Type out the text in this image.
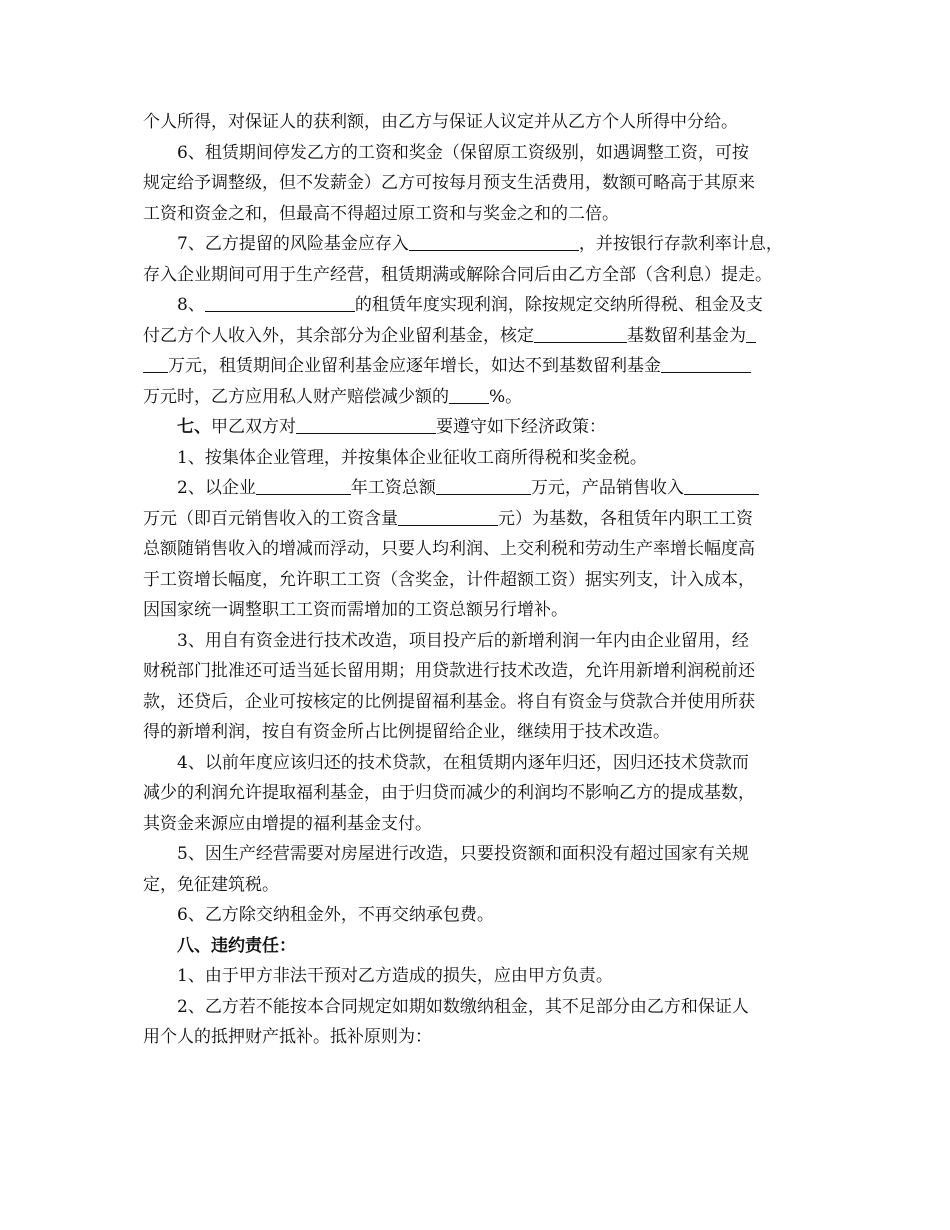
个人所得，对保证人的获利额，由乙方与保证人议定并从乙方个人所得中分给。
6、租赁期间停发乙方的工资和奖金（保留原工资级别，如遇调整工资，可按
规定给予调整级，但不发薪金）乙方可按每月预支生活费用，数额可略高于其原来
工资和资金之和，但最高不得超过原工资和与奖金之和的二倍。
7、乙方提留的风险基金应存入	，并按银行存款利率计息，
存入企业期间可用于生产经营，租赁期满或解除合同后由乙方全部（含利息）提走。
8、	的租赁年度实现利润，除按规定交纳所得税、租金及支
付乙方个人收入外，其余部分为企业留利基金，核定	基数留利基金为
万元，租赁期间企业留利基金应逐年增长，如达不到基数留利基金
万元时，乙方应用私人财产赔偿减少额的 %。
七、甲乙双方对	要遵守如下经济政策：
1、按集体企业管理，并按集体企业征收工商所得税和奖金税。
2、以企业	年工资总额	万元，产品销售收入
万元（即百元销售收入的工资含量	元）为基数，各租赁年内职工工资
总额随销售收入的增减而浮动，只要人均利润、上交利税和劳动生产率增长幅度高
于工资增长幅度，允许职工工资（含奖金，计件超额工资）据实列支，计入成本，
因国家统一调整职工工资而需增加的工资总额另行增补。
3、用自有资金进行技术改造，项目投产后的新增利润一年内由企业留用，经
财税部门批准还可适当延长留用期；用贷款进行技术改造，允许用新增利润税前还
款，还贷后，企业可按核定的比例提留福利基金。将自有资金与贷款合并使用所获
得的新增利润，按自有资金所占比例提留给企业，继续用于技术改造。
4、以前年度应该归还的技术贷款，在租赁期内逐年归还，因归还技术贷款而
减少的利润允许提取福利基金，由于归贷而减少的利润均不影响乙方的提成基数，
其资金来源应由增提的福利基金支付。
5、因生产经营需要对房屋进行改造，只要投资额和面积没有超过国家有关规
定，免征建筑税。
6、乙方除交纳租金外，不再交纳承包费。
八、违约责任：
1、由于甲方非法干预对乙方造成的损失，应由甲方负责。
2、乙方若不能按本合同规定如期如数缴纳租金，其不足部分由乙方和保证人
用个人的抵押财产抵补。抵补原则为：
